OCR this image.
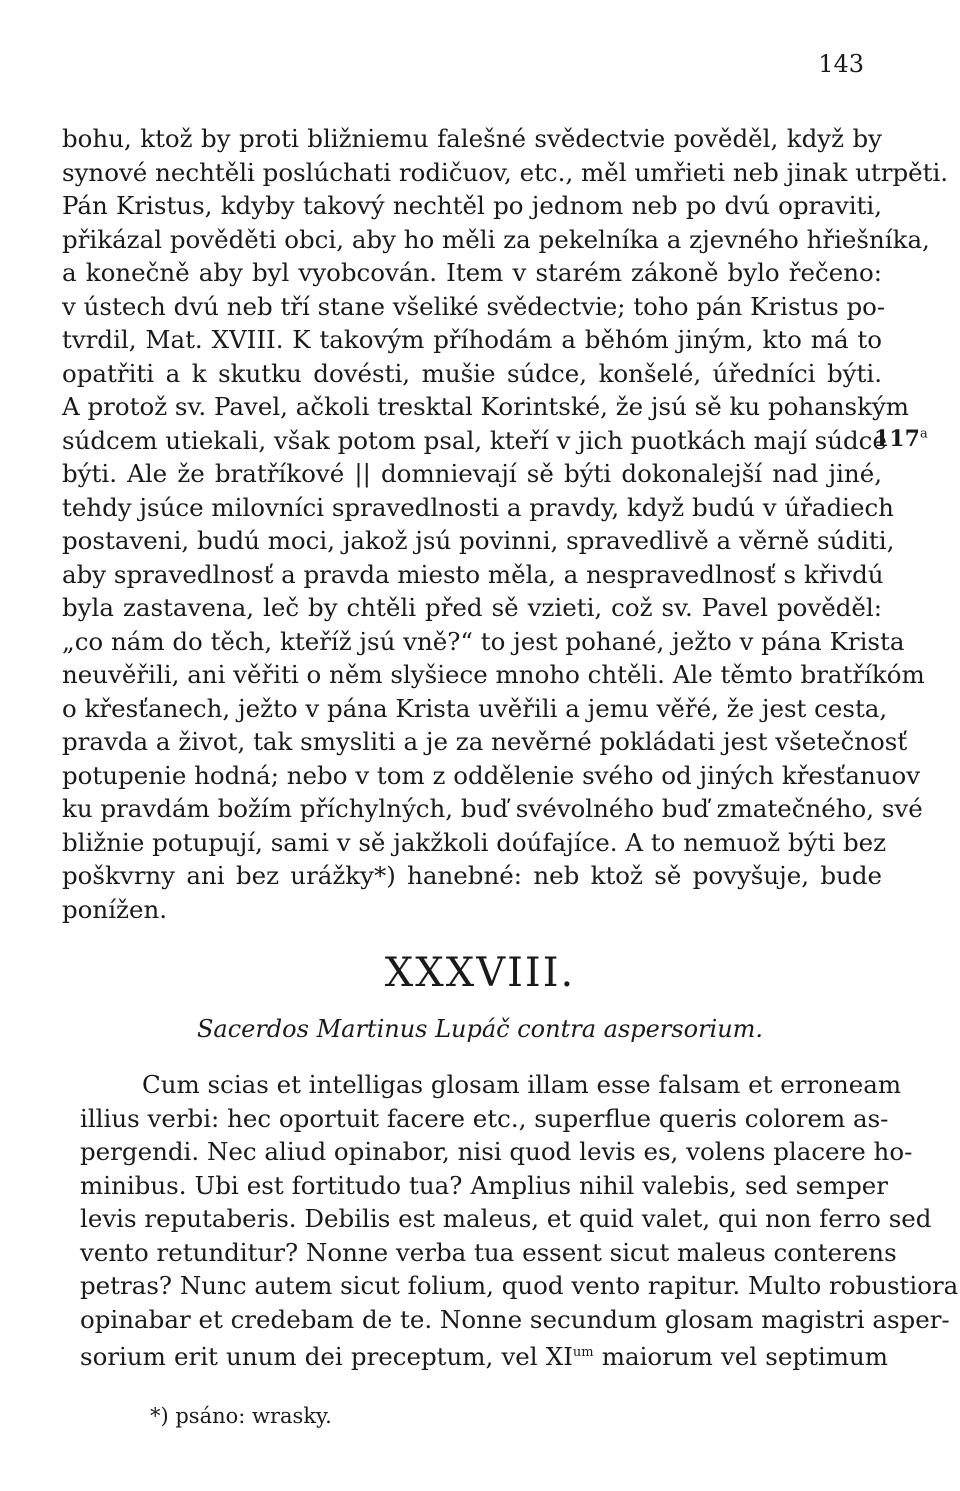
143
bohu, ktož by proti bližniemu falešné svědectvie pověděl, když by
synové nechtěli poslúchati rodičuov, etc., měl umřieti neb jinak utrpěti.
Pán Kristus, kdyby takový nechtěl po jednom neb po dvú opraviti,
přikázal pověděti obci, aby ho měli za pekelníka a zjevného hřiešníka,
a konečně aby byl vyobcován. Item v starém zákoně bylo řečeno:
v ústech dvú neb tří stane všeliké svědectvie; toho pán Kristus po-
tvrdil, Mat. XVIII. K takovým příhodám a běhóm jiným, kto má to
opatřiti a k skutku dovésti, mušie súdce, konšelé, úředníci býti.
A protož sv. Pavel, ačkoli tresktal Korintské, že jsú sě ku pohanským
súdcem utiekali, však potom psal, kteří v jich puotkách mají súdce
býti. Ale že bratříkové || domnievají sě býti dokonalejší nad jiné,
tehdy jsúce milovníci spravedlnosti a pravdy, když budú v úřadiech
postaveni, budú moci, jakož jsú povinni, spravedlivě a věrně súditi,
aby spravedlnosť a pravda miesto měla, a nespravedlnosť s křivdú
byla zastavena, leč by chtěli před sě vzieti, což sv. Pavel pověděl:
„co nám do těch, kteříž jsú vně?“ to jest pohané, ježto v pána Krista
neuvěřili, ani věřiti o něm slyšiece mnoho chtěli. Ale těmto bratříkóm
o křesťanech, ježto v pána Krista uvěřili a jemu věřé, že jest cesta,
pravda a život, tak smysliti a je za nevěrné pokládati jest všetečnosť
potupenie hodná; nebo v tom z oddělenie svého od jiných křesťanuov
ku pravdám božím příchylných, buď svévolného buď zmatečného, své
bližnie potupují, sami v sě jakžkoli doúfajíce. A to nemuož býti bez
poškvrny ani bez urážky*) hanebné: neb ktož sě povyšuje, bude
ponížen.
117$^a$
XXXVIII.
Sacerdos Martinus Lupáč contra aspersorium.
Cum scias et intelligas glosam illam esse falsam et erroneam
illius verbi: hec oportuit facere etc., superflue queris colorem as-
pergendi. Nec aliud opinabor, nisi quod levis es, volens placere ho-
minibus. Ubi est fortitudo tua? Amplius nihil valebis, sed semper
levis reputaberis. Debilis est maleus, et quid valet, qui non ferro sed
vento retunditur? Nonne verba tua essent sicut maleus conterens
petras? Nunc autem sicut folium, quod vento rapitur. Multo robustiora
opinabar et credebam de te. Nonne secundum glosam magistri asper-
sorium erit unum dei preceptum, vel $XI^{um}$ maiorum vel septimum
*) psáno: wrasky.
